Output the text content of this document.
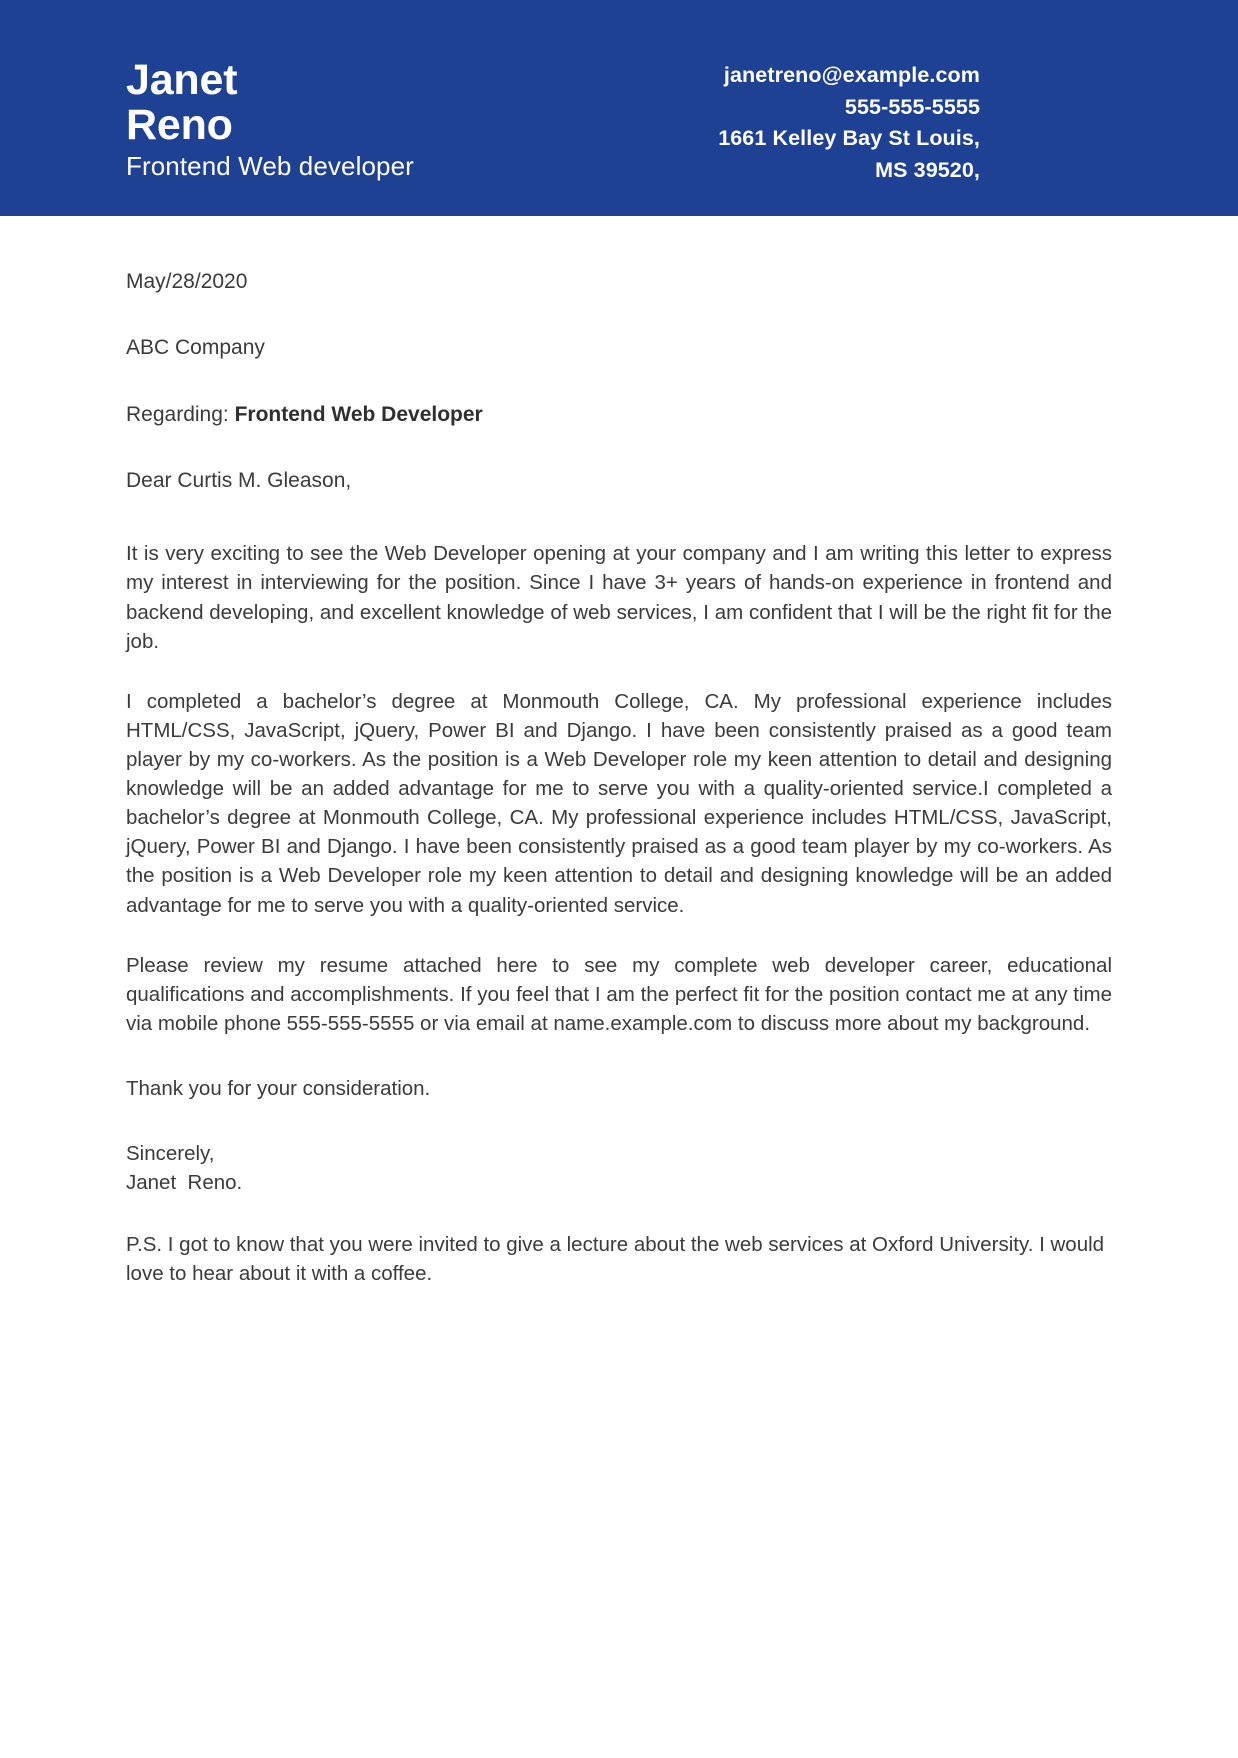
Janet
Reno
Frontend Web developer
janetreno@example.com
555-555-5555
1661 Kelley Bay St Louis,
MS 39520,
May/28/2020
ABC Company
Regarding: Frontend Web Developer
Dear Curtis M. Gleason,
It is very exciting to see the Web Developer opening at your company and I am writing this letter to express my interest in interviewing for the position. Since I have 3+ years of hands-on experience in frontend and backend developing, and excellent knowledge of web services, I am confident that I will be the right fit for the job.
I completed a bachelor’s degree at Monmouth College, CA. My professional experience includes HTML/CSS, JavaScript, jQuery, Power BI and Django. I have been consistently praised as a good team player by my co-workers. As the position is a Web Developer role my keen attention to detail and designing knowledge will be an added advantage for me to serve you with a quality-oriented service.I completed a bachelor’s degree at Monmouth College, CA. My professional experience includes HTML/CSS, JavaScript, jQuery, Power BI and Django. I have been consistently praised as a good team player by my co-workers. As the position is a Web Developer role my keen attention to detail and designing knowledge will be an added advantage for me to serve you with a quality-oriented service.
Please review my resume attached here to see my complete web developer career, educational qualifications and accomplishments. If you feel that I am the perfect fit for the position contact me at any time via mobile phone 555-555-5555 or via email at name.example.com to discuss more about my background.
Thank you for your consideration.
Sincerely,
Janet  Reno.
P.S. I got to know that you were invited to give a lecture about the web services at Oxford University. I would love to hear about it with a coffee.
